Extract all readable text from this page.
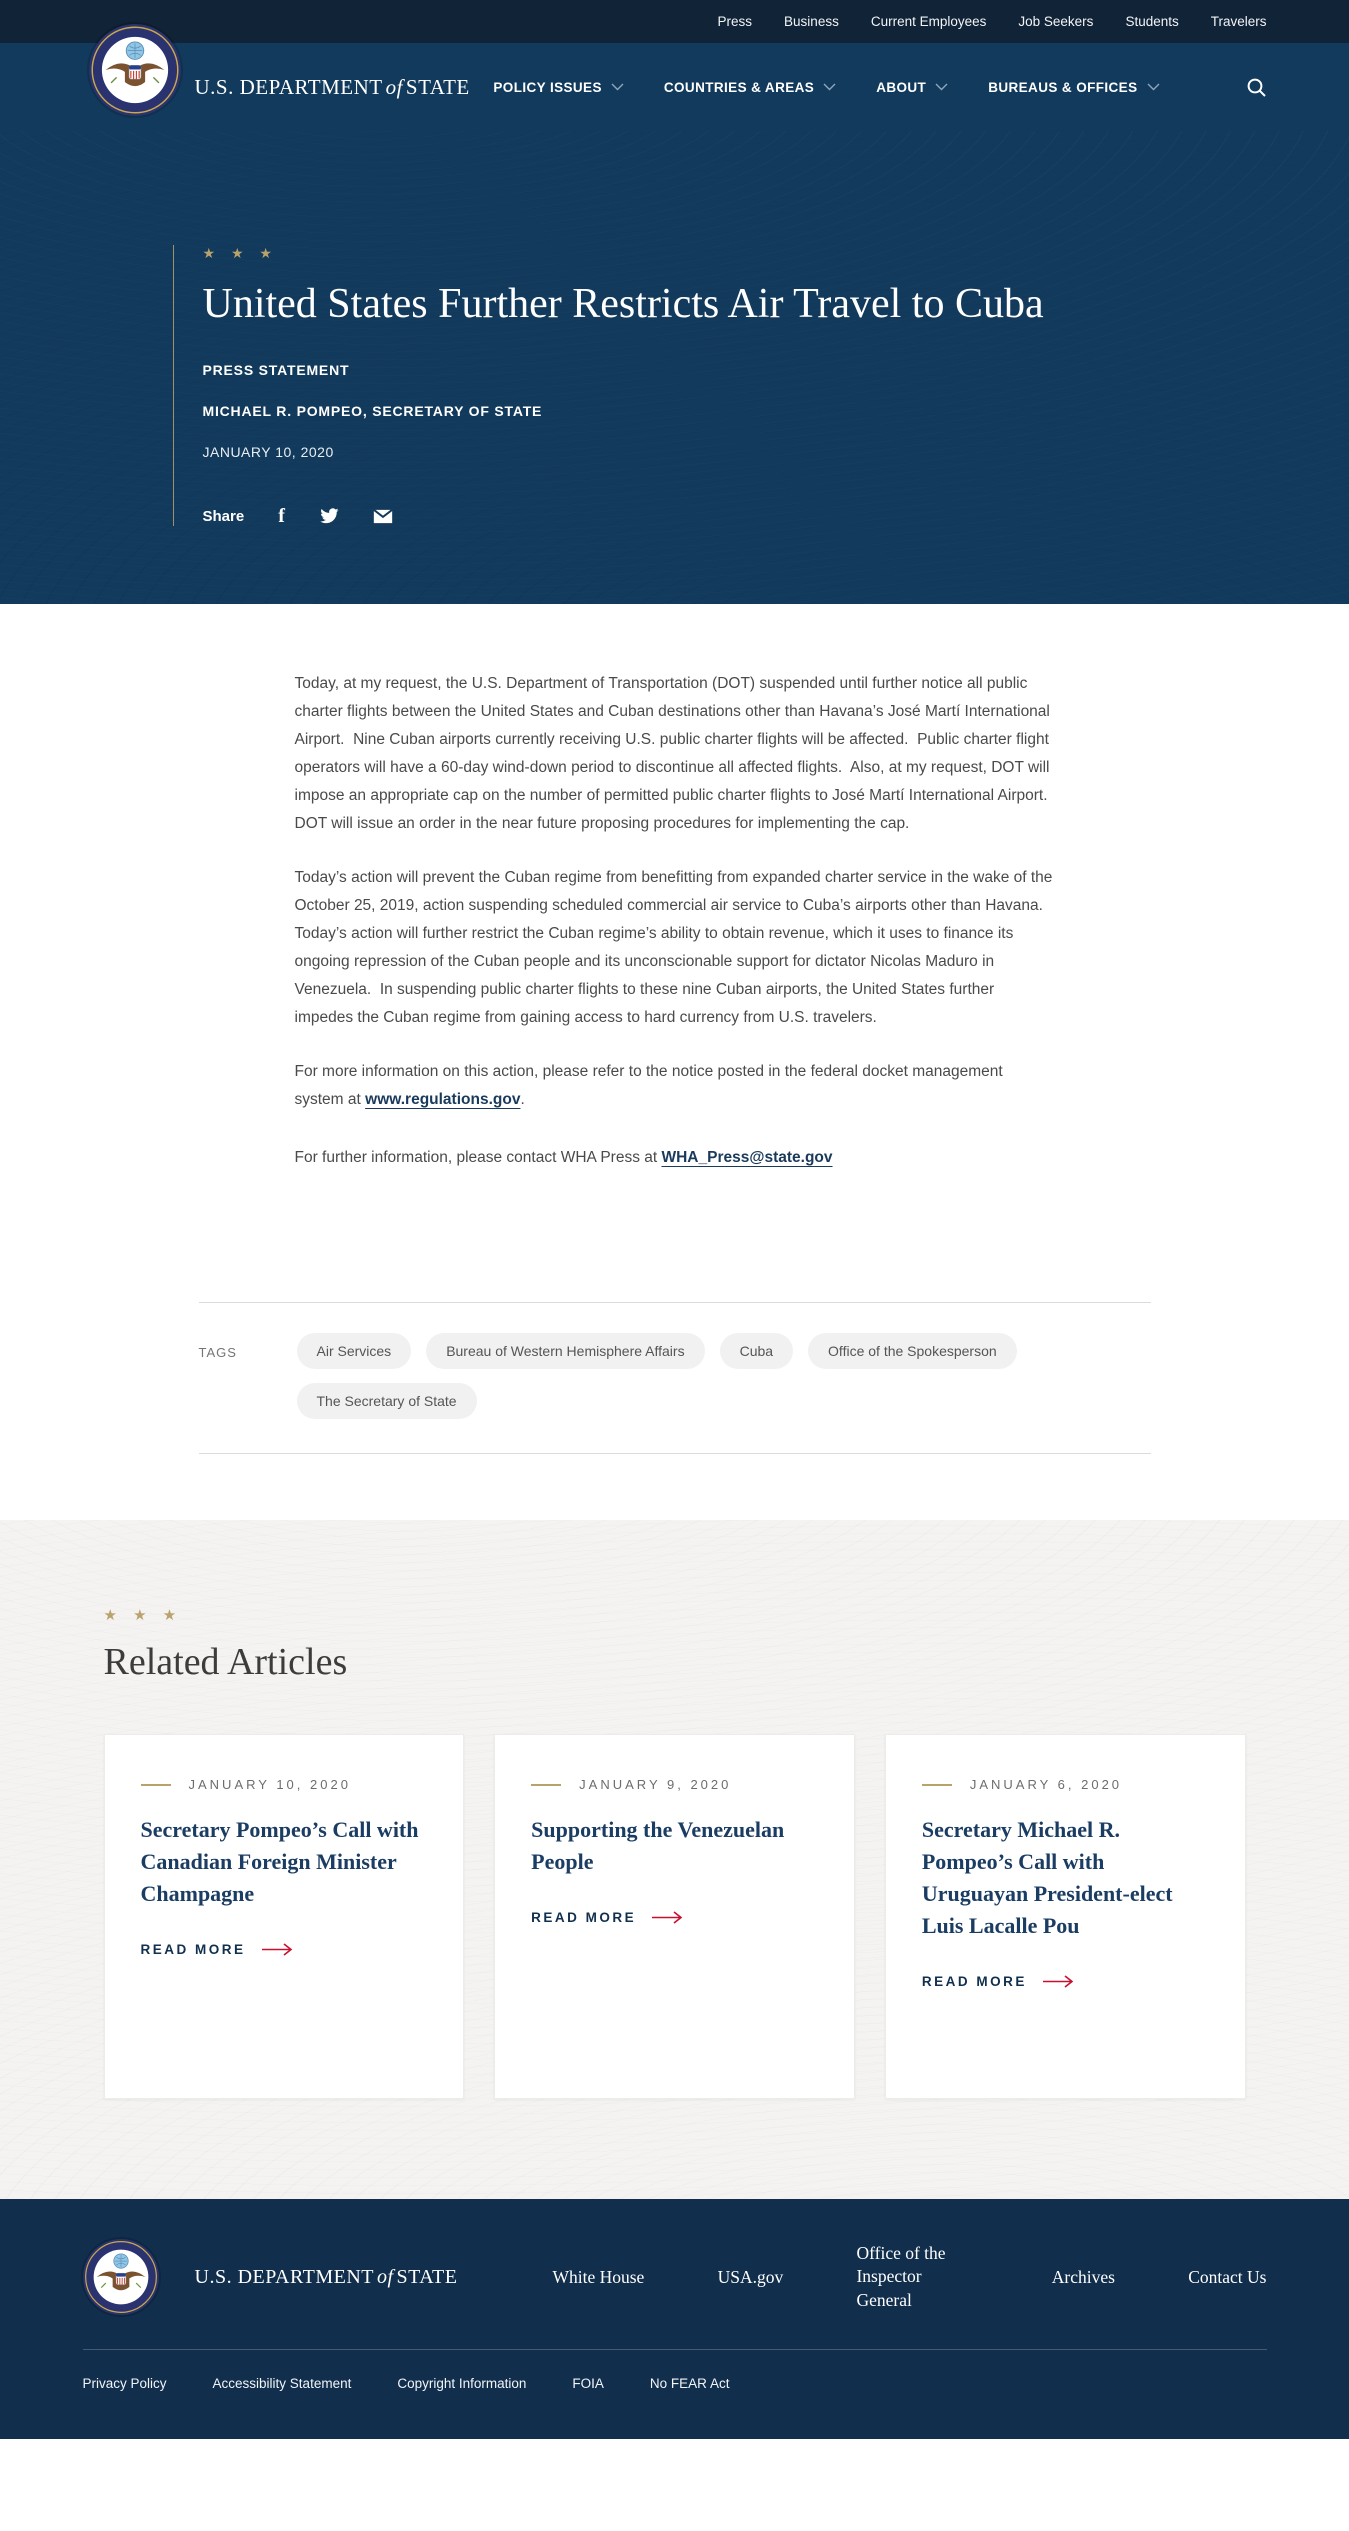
Press Business Current Employees Job Seekers Students Travelers
U.S. DEPARTMENT of STATE POLICY ISSUES	COUNTRIES & AREAS	ABOUT	BUREAUS & OFFICES
★ ★ ★
United States Further Restricts Air Travel to Cuba
PRESS STATEMENT
MICHAEL R. POMPEO, SECRETARY OF STATE
JANUARY 10, 2020
Share f

Today, at my request, the U.S. Department of Transportation (DOT) suspended until further notice all public charter flights between the United States and Cuban destinations other than Havana’s José Martí International Airport.  Nine Cuban airports currently receiving U.S. public charter flights will be affected.  Public charter flight operators will have a 60-day wind-down period to discontinue all affected flights.  Also, at my request, DOT will impose an appropriate cap on the number of permitted public charter flights to José Martí International Airport.  DOT will issue an order in the near future proposing procedures for implementing the cap.

Today’s action will prevent the Cuban regime from benefitting from expanded charter service in the wake of the October 25, 2019, action suspending scheduled commercial air service to Cuba’s airports other than Havana.  Today’s action will further restrict the Cuban regime’s ability to obtain revenue, which it uses to finance its ongoing repression of the Cuban people and its unconscionable support for dictator Nicolas Maduro in Venezuela.  In suspending public charter flights to these nine Cuban airports, the United States further impedes the Cuban regime from gaining access to hard currency from U.S. travelers.

For more information on this action, please refer to the notice posted in the federal docket management system at www.regulations.gov.

For further information, please contact WHA Press at WHA_Press@state.gov

TAGS	Air Services	Bureau of Western Hemisphere Affairs	Cuba	Office of the Spokesperson
The Secretary of State
★ ★ ★
Related Articles
JANUARY 10, 2020
Secretary Pompeo’s Call with Canadian Foreign Minister Champagne
READ MORE
JANUARY 9, 2020
Supporting the Venezuelan People
READ MORE
JANUARY 6, 2020
Secretary Michael R. Pompeo’s Call with Uruguayan President-elect Luis Lacalle Pou
READ MORE
U.S. DEPARTMENT of STATE	White House	USA.gov
Office of the Inspector General
Archives	Contact Us
Privacy Policy	Accessibility Statement	Copyright Information	FOIA	No FEAR Act
